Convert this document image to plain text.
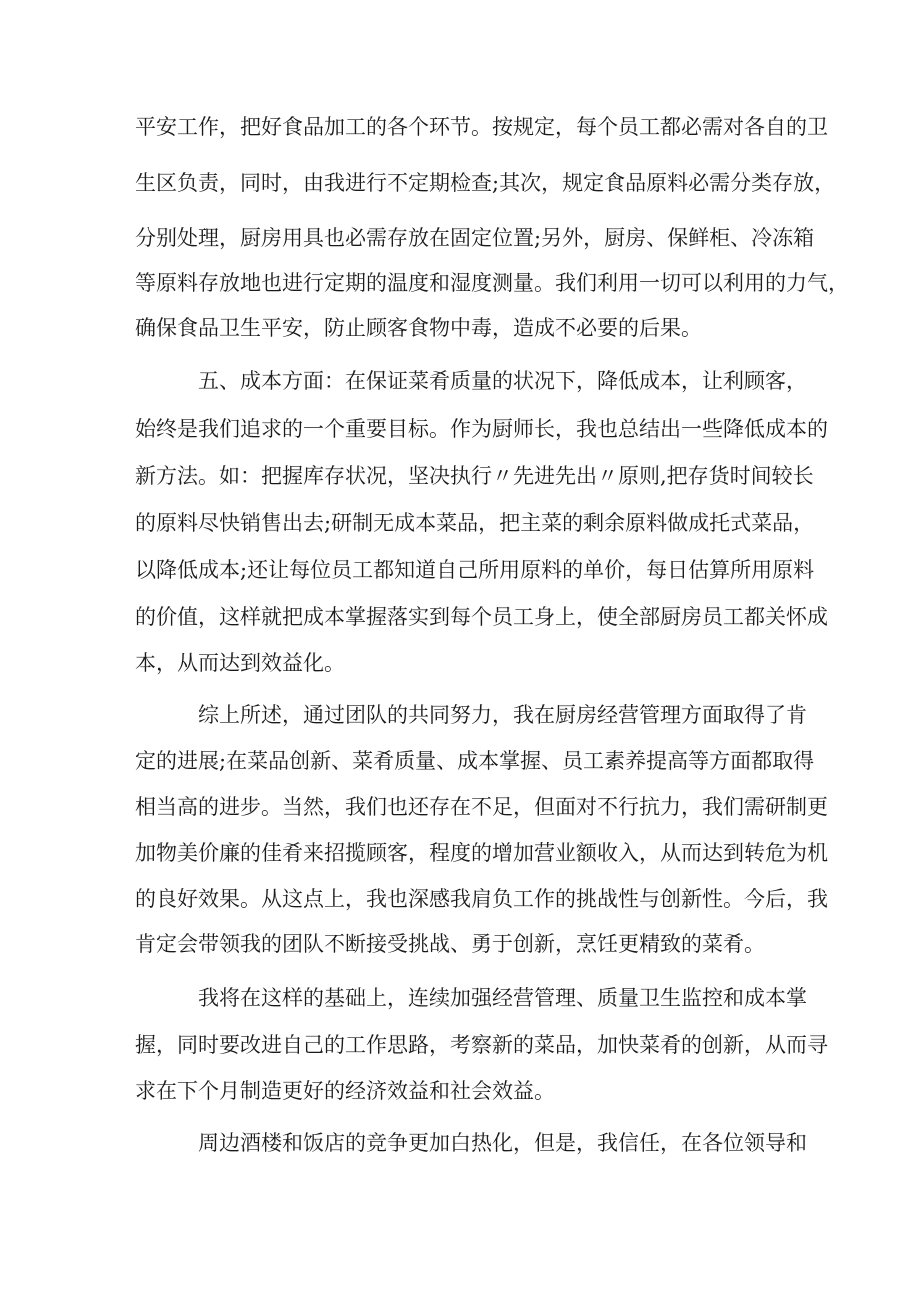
平安工作，把好食品加工的各个环节。按规定，每个员工都必需对各自的卫

生区负责，同时，由我进行不定期检查;其次，规定食品原料必需分类存放，

分别处理，厨房用具也必需存放在固定位置;另外，厨房、保鲜柜、冷冻箱

等原料存放地也进行定期的温度和湿度测量。我们利用一切可以利用的力气，

确保食品卫生平安，防止顾客食物中毒，造成不必要的后果。

五、成本方面：在保证菜肴质量的状况下，降低成本，让利顾客，

始终是我们追求的一个重要目标。作为厨师长，我也总结出一些降低成本的

新方法。如：把握库存状况，坚决执行〃先进先出〃原则,把存货时间较长

的原料尽快销售出去;研制无成本菜品，把主菜的剩余原料做成托式菜品，

以降低成本;还让每位员工都知道自己所用原料的单价，每日估算所用原料

的价值，这样就把成本掌握落实到每个员工身上，使全部厨房员工都关怀成

本，从而达到效益化。

综上所述，通过团队的共同努力，我在厨房经营管理方面取得了肯

定的进展;在菜品创新、菜肴质量、成本掌握、员工素养提高等方面都取得

相当高的进步。当然，我们也还存在不足，但面对不行抗力，我们需研制更

加物美价廉的佳肴来招揽顾客，程度的增加营业额收入，从而达到转危为机

的良好效果。从这点上，我也深感我肩负工作的挑战性与创新性。今后，我

肯定会带领我的团队不断接受挑战、勇于创新，烹饪更精致的菜肴。

我将在这样的基础上，连续加强经营管理、质量卫生监控和成本掌

握，同时要改进自己的工作思路，考察新的菜品，加快菜肴的创新，从而寻

求在下个月制造更好的经济效益和社会效益。

周边酒楼和饭店的竞争更加白热化，但是，我信任，在各位领导和
